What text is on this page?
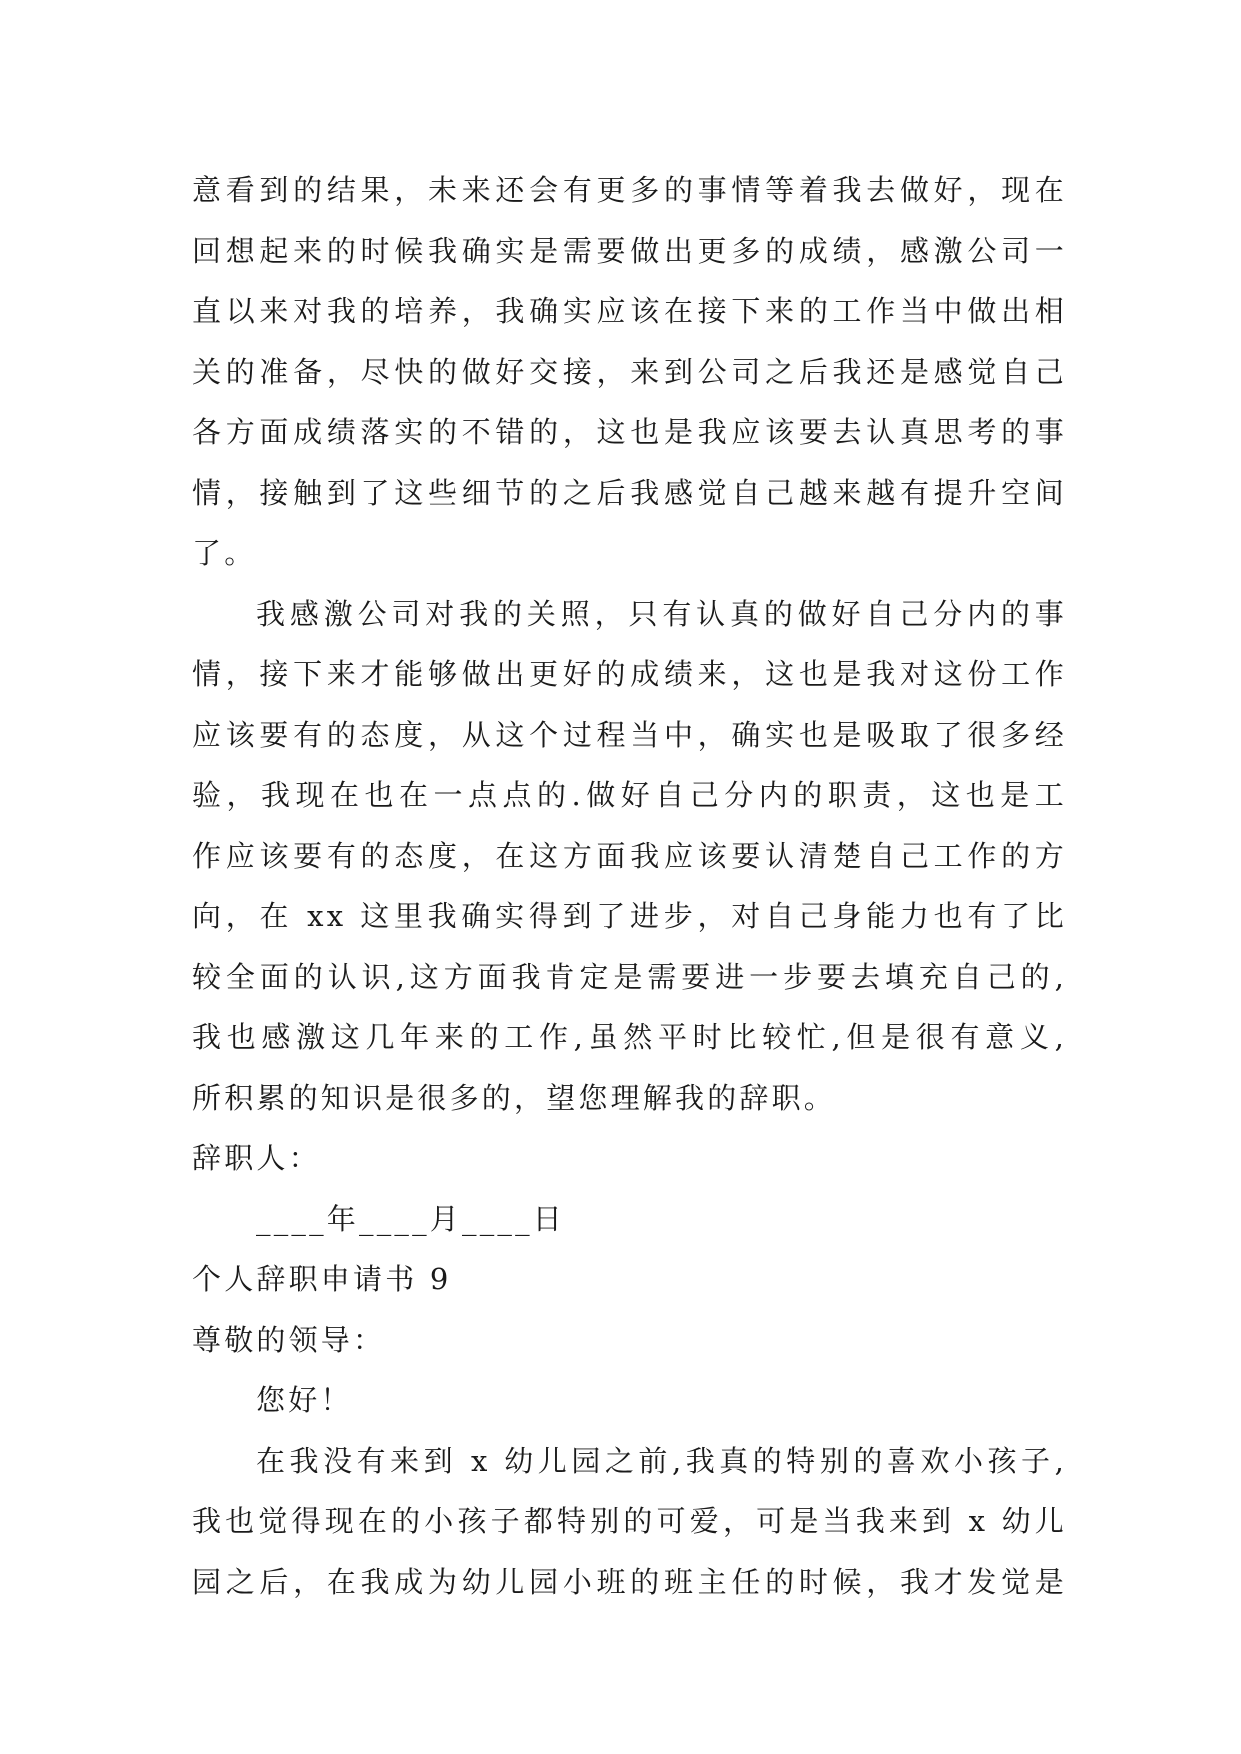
意看到的结果，未来还会有更多的事情等着我去做好，现在
回想起来的时候我确实是需要做出更多的成绩，感激公司一
直以来对我的培养，我确实应该在接下来的工作当中做出相
关的准备，尽快的做好交接，来到公司之后我还是感觉自己
各方面成绩落实的不错的，这也是我应该要去认真思考的事
情，接触到了这些细节的之后我感觉自己越来越有提升空间
了。
我感激公司对我的关照，只有认真的做好自己分内的事
情，接下来才能够做出更好的成绩来，这也是我对这份工作
应该要有的态度，从这个过程当中，确实也是吸取了很多经
验，我现在也在一点点的.做好自己分内的职责，这也是工
作应该要有的态度，在这方面我应该要认清楚自己工作的方
向，在 xx 这里我确实得到了进步，对自己身能力也有了比
较全面的认识,这方面我肯定是需要进一步要去填充自己的,
我也感激这几年来的工作,虽然平时比较忙,但是很有意义,
所积累的知识是很多的，望您理解我的辞职。
辞职人：
____年____月____日
个人辞职申请书 9
尊敬的领导：
您好！
在我没有来到 x 幼儿园之前,我真的特别的喜欢小孩子,
我也觉得现在的小孩子都特别的可爱，可是当我来到 x 幼儿
园之后，在我成为幼儿园小班的班主任的时候，我才发觉是
